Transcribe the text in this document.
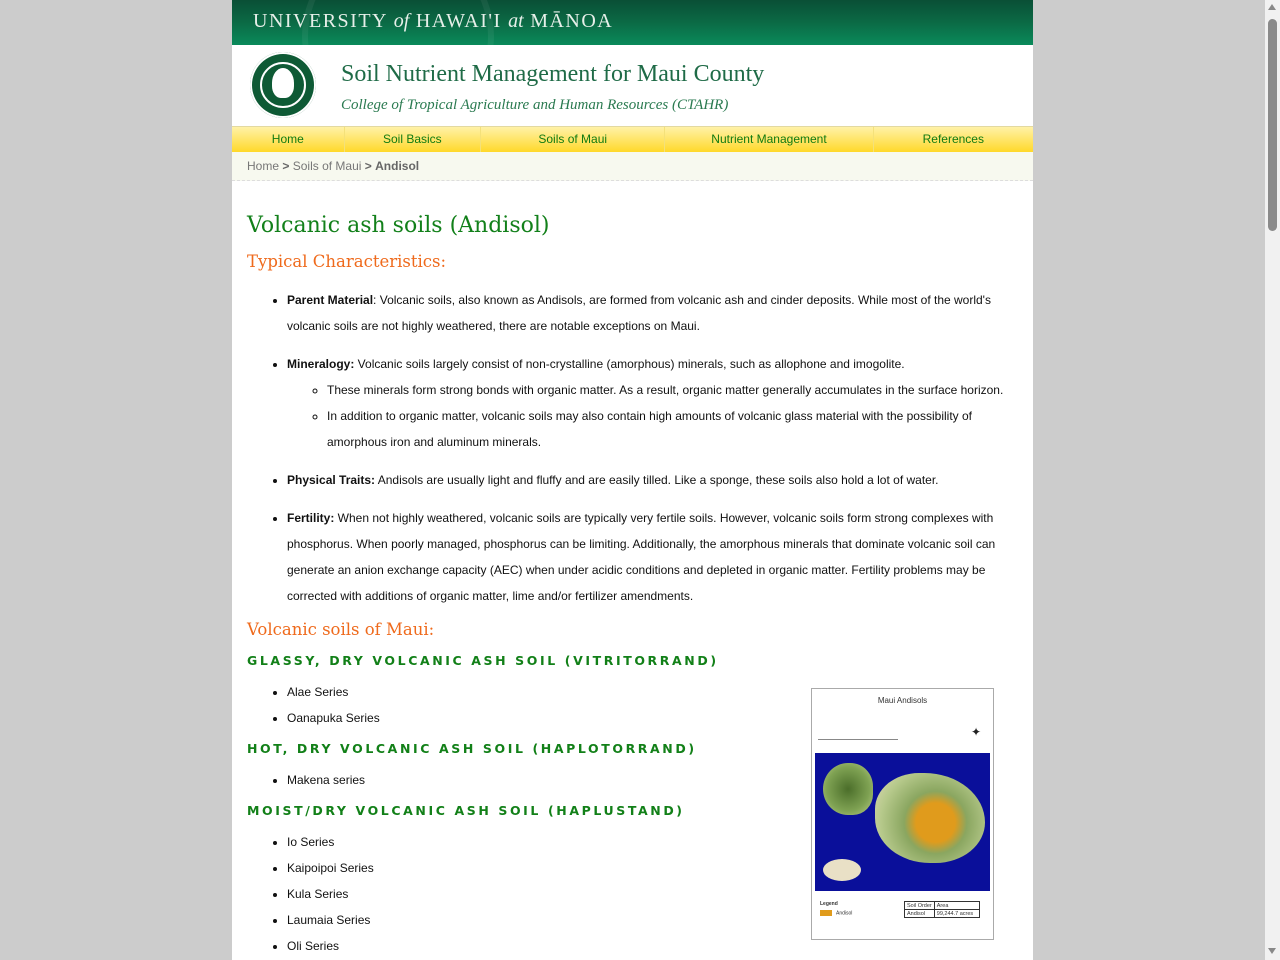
UNIVERSITY of HAWAI'I at MĀNOA
Soil Nutrient Management for Maui County
College of Tropical Agriculture and Human Resources (CTAHR)
Home	Soil Basics	Soils of Maui	Nutrient Management	References
Home > Soils of Maui > Andisol
Volcanic ash soils (Andisol)
Typical Characteristics:
• Parent Material: Volcanic soils, also known as Andisols, are formed from volcanic ash and cinder deposits. While most of the world's volcanic soils are not highly weathered, there are notable exceptions on Maui.
• Mineralogy: Volcanic soils largely consist of non-crystalline (amorphous) minerals, such as allophone and imogolite.
◦ These minerals form strong bonds with organic matter. As a result, organic matter generally accumulates in the surface horizon.
◦ In addition to organic matter, volcanic soils may also contain high amounts of volcanic glass material with the possibility of amorphous iron and aluminum minerals.
• Physical Traits: Andisols are usually light and fluffy and are easily tilled. Like a sponge, these soils also hold a lot of water.
• Fertility: When not highly weathered, volcanic soils are typically very fertile soils. However, volcanic soils form strong complexes with phosphorus. When poorly managed, phosphorus can be limiting. Additionally, the amorphous minerals that dominate volcanic soil can generate an anion exchange capacity (AEC) when under acidic conditions and depleted in organic matter. Fertility problems may be corrected with additions of organic matter, lime and/or fertilizer amendments.
Volcanic soils of Maui:
GLASSY, DRY VOLCANIC ASH SOIL (VITRITORRAND)
• Alae Series
• Oanapuka Series
HOT, DRY VOLCANIC ASH SOIL (HAPLOTORRAND)
• Makena series
MOIST/DRY VOLCANIC ASH SOIL (HAPLUSTAND)
• Io Series
• Kaipoipoi Series
• Kula Series
• Laumaia Series
• Oli Series
Maui Andisols
✦
Legend
Andisol
Soil Order	Area
Andisol	99,244.7 acres
